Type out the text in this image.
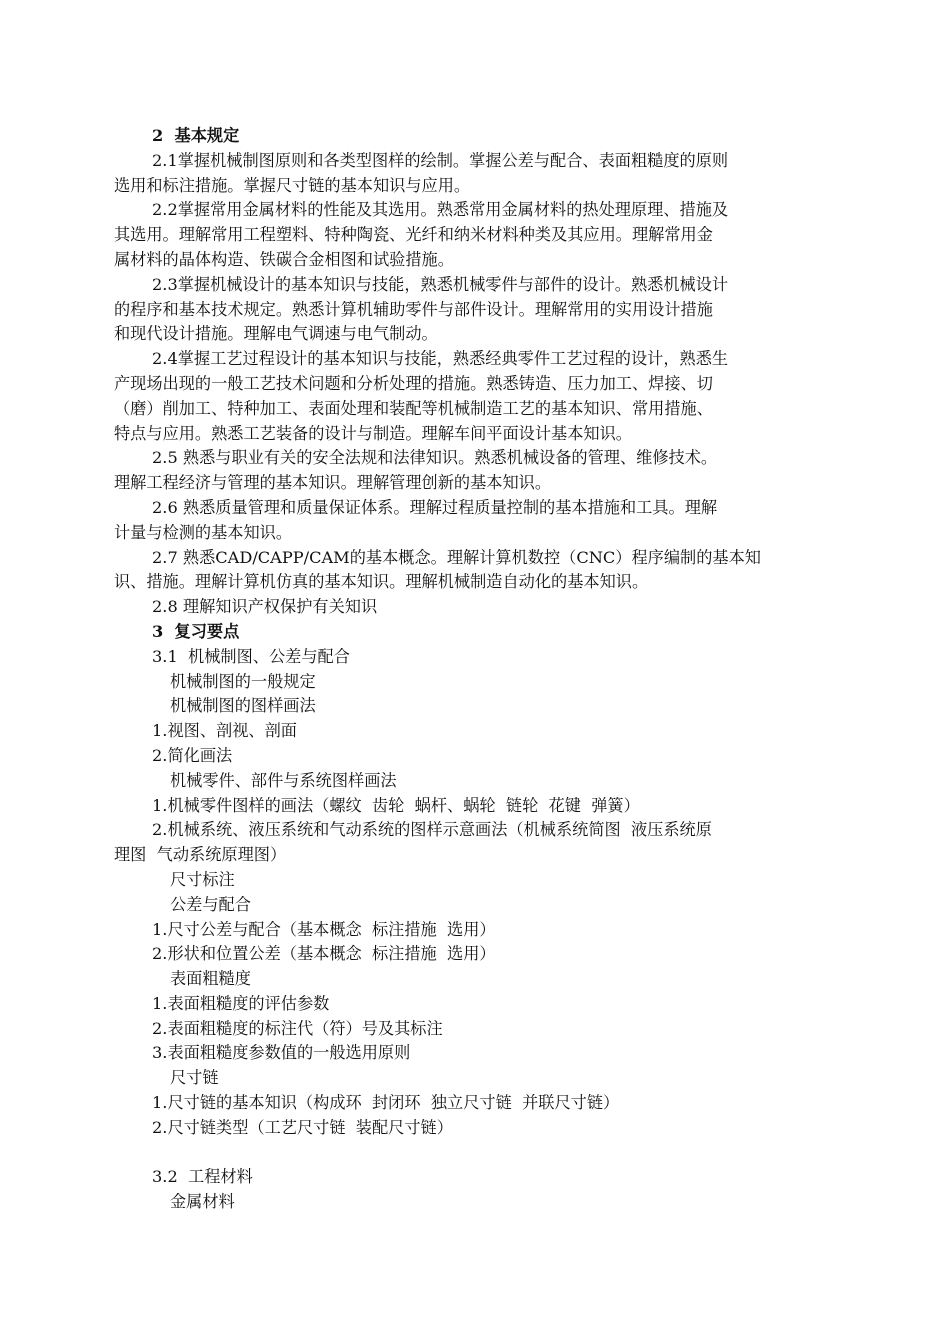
2  基本规定

2.1掌握机械制图原则和各类型图样的绘制。掌握公差与配合、表面粗糙度的原则

选用和标注措施。掌握尺寸链的基本知识与应用。

2.2掌握常用金属材料的性能及其选用。熟悉常用金属材料的热处理原理、措施及

其选用。理解常用工程塑料、特种陶瓷、光纤和纳米材料种类及其应用。理解常用金

属材料的晶体构造、铁碳合金相图和试验措施。

2.3掌握机械设计的基本知识与技能，熟悉机械零件与部件的设计。熟悉机械设计

的程序和基本技术规定。熟悉计算机辅助零件与部件设计。理解常用的实用设计措施

和现代设计措施。理解电气调速与电气制动。

2.4掌握工艺过程设计的基本知识与技能，熟悉经典零件工艺过程的设计，熟悉生

产现场出现的一般工艺技术问题和分析处理的措施。熟悉铸造、压力加工、焊接、切

（磨）削加工、特种加工、表面处理和装配等机械制造工艺的基本知识、常用措施、

特点与应用。熟悉工艺装备的设计与制造。理解车间平面设计基本知识。

2.5 熟悉与职业有关的安全法规和法律知识。熟悉机械设备的管理、维修技术。

理解工程经济与管理的基本知识。理解管理创新的基本知识。

2.6 熟悉质量管理和质量保证体系。理解过程质量控制的基本措施和工具。理解

计量与检测的基本知识。

2.7 熟悉CAD/CAPP/CAM的基本概念。理解计算机数控（CNC）程序编制的基本知

识、措施。理解计算机仿真的基本知识。理解机械制造自动化的基本知识。

2.8 理解知识产权保护有关知识

3  复习要点

3.1  机械制图、公差与配合

机械制图的一般规定

机械制图的图样画法

1.视图、剖视、剖面

2.简化画法

机械零件、部件与系统图样画法

1.机械零件图样的画法（螺纹  齿轮  蜗杆、蜗轮  链轮  花键  弹簧）

2.机械系统、液压系统和气动系统的图样示意画法（机械系统简图  液压系统原

理图  气动系统原理图）

尺寸标注

公差与配合

1.尺寸公差与配合（基本概念  标注措施  选用）

2.形状和位置公差（基本概念  标注措施  选用）

表面粗糙度

1.表面粗糙度的评估参数

2.表面粗糙度的标注代（符）号及其标注

3.表面粗糙度参数值的一般选用原则

尺寸链

1.尺寸链的基本知识（构成环  封闭环  独立尺寸链  并联尺寸链）

2.尺寸链类型（工艺尺寸链  装配尺寸链）

3.2  工程材料

金属材料
